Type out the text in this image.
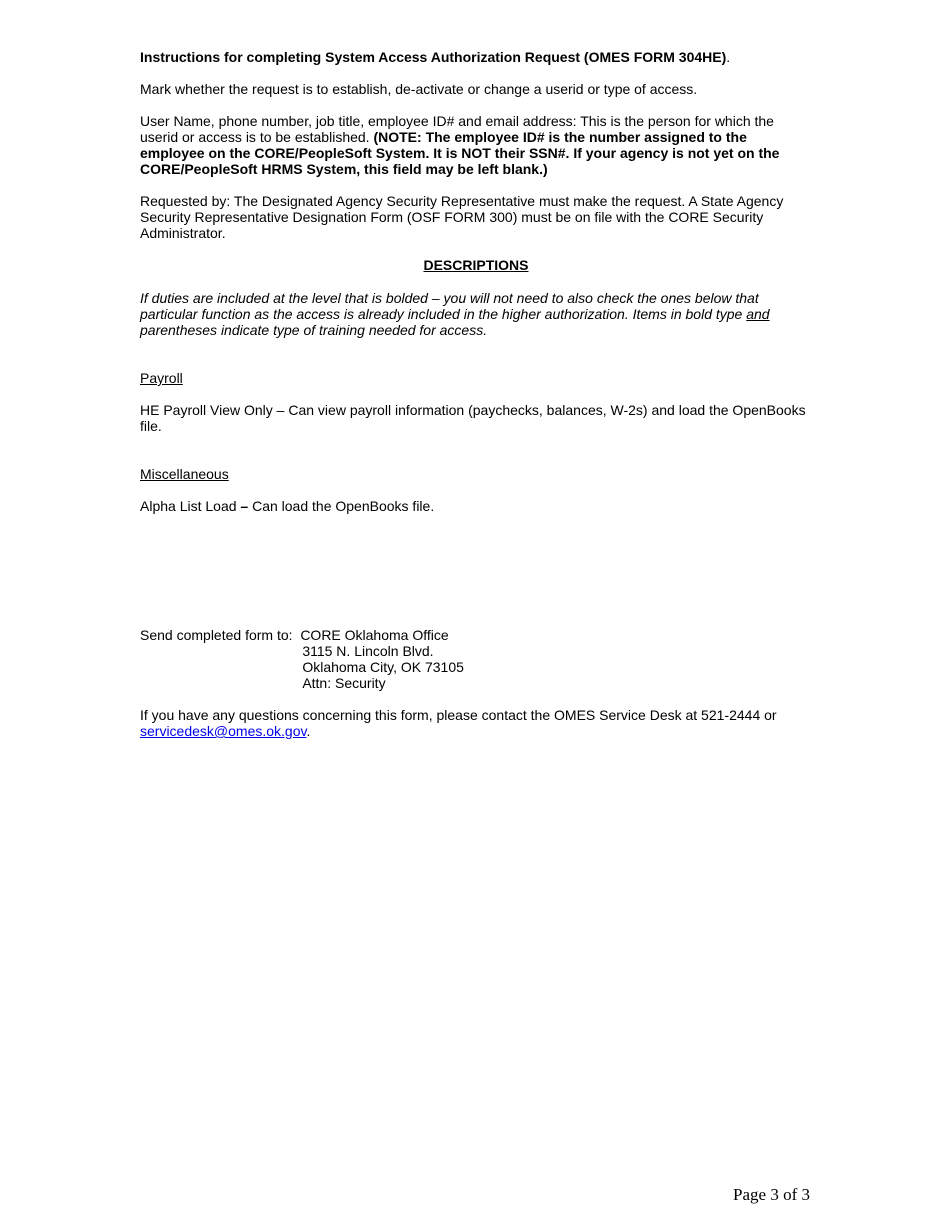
Instructions for completing System Access Authorization Request (OMES FORM 304HE).

Mark whether the request is to establish, de-activate or change a userid or type of access.

User Name, phone number, job title, employee ID# and email address: This is the person for which the userid or access is to be established. (NOTE: The employee ID# is the number assigned to the employee on the CORE/PeopleSoft System. It is NOT their SSN#. If your agency is not yet on the CORE/PeopleSoft HRMS System, this field may be left blank.)

Requested by: The Designated Agency Security Representative must make the request. A State Agency Security Representative Designation Form (OSF FORM 300) must be on file with the CORE Security Administrator.

DESCRIPTIONS

If duties are included at the level that is bolded – you will not need to also check the ones below that particular function as the access is already included in the higher authorization. Items in bold type and parentheses indicate type of training needed for access.

Payroll

HE Payroll View Only – Can view payroll information (paychecks, balances, W-2s) and load the OpenBooks file.

Miscellaneous

Alpha List Load – Can load the OpenBooks file.

Send completed form to: CORE Oklahoma Office
3115 N. Lincoln Blvd.
Oklahoma City, OK 73105
Attn: Security

If you have any questions concerning this form, please contact the OMES Service Desk at 521-2444 or servicedesk@omes.ok.gov.

Page 3 of 3
